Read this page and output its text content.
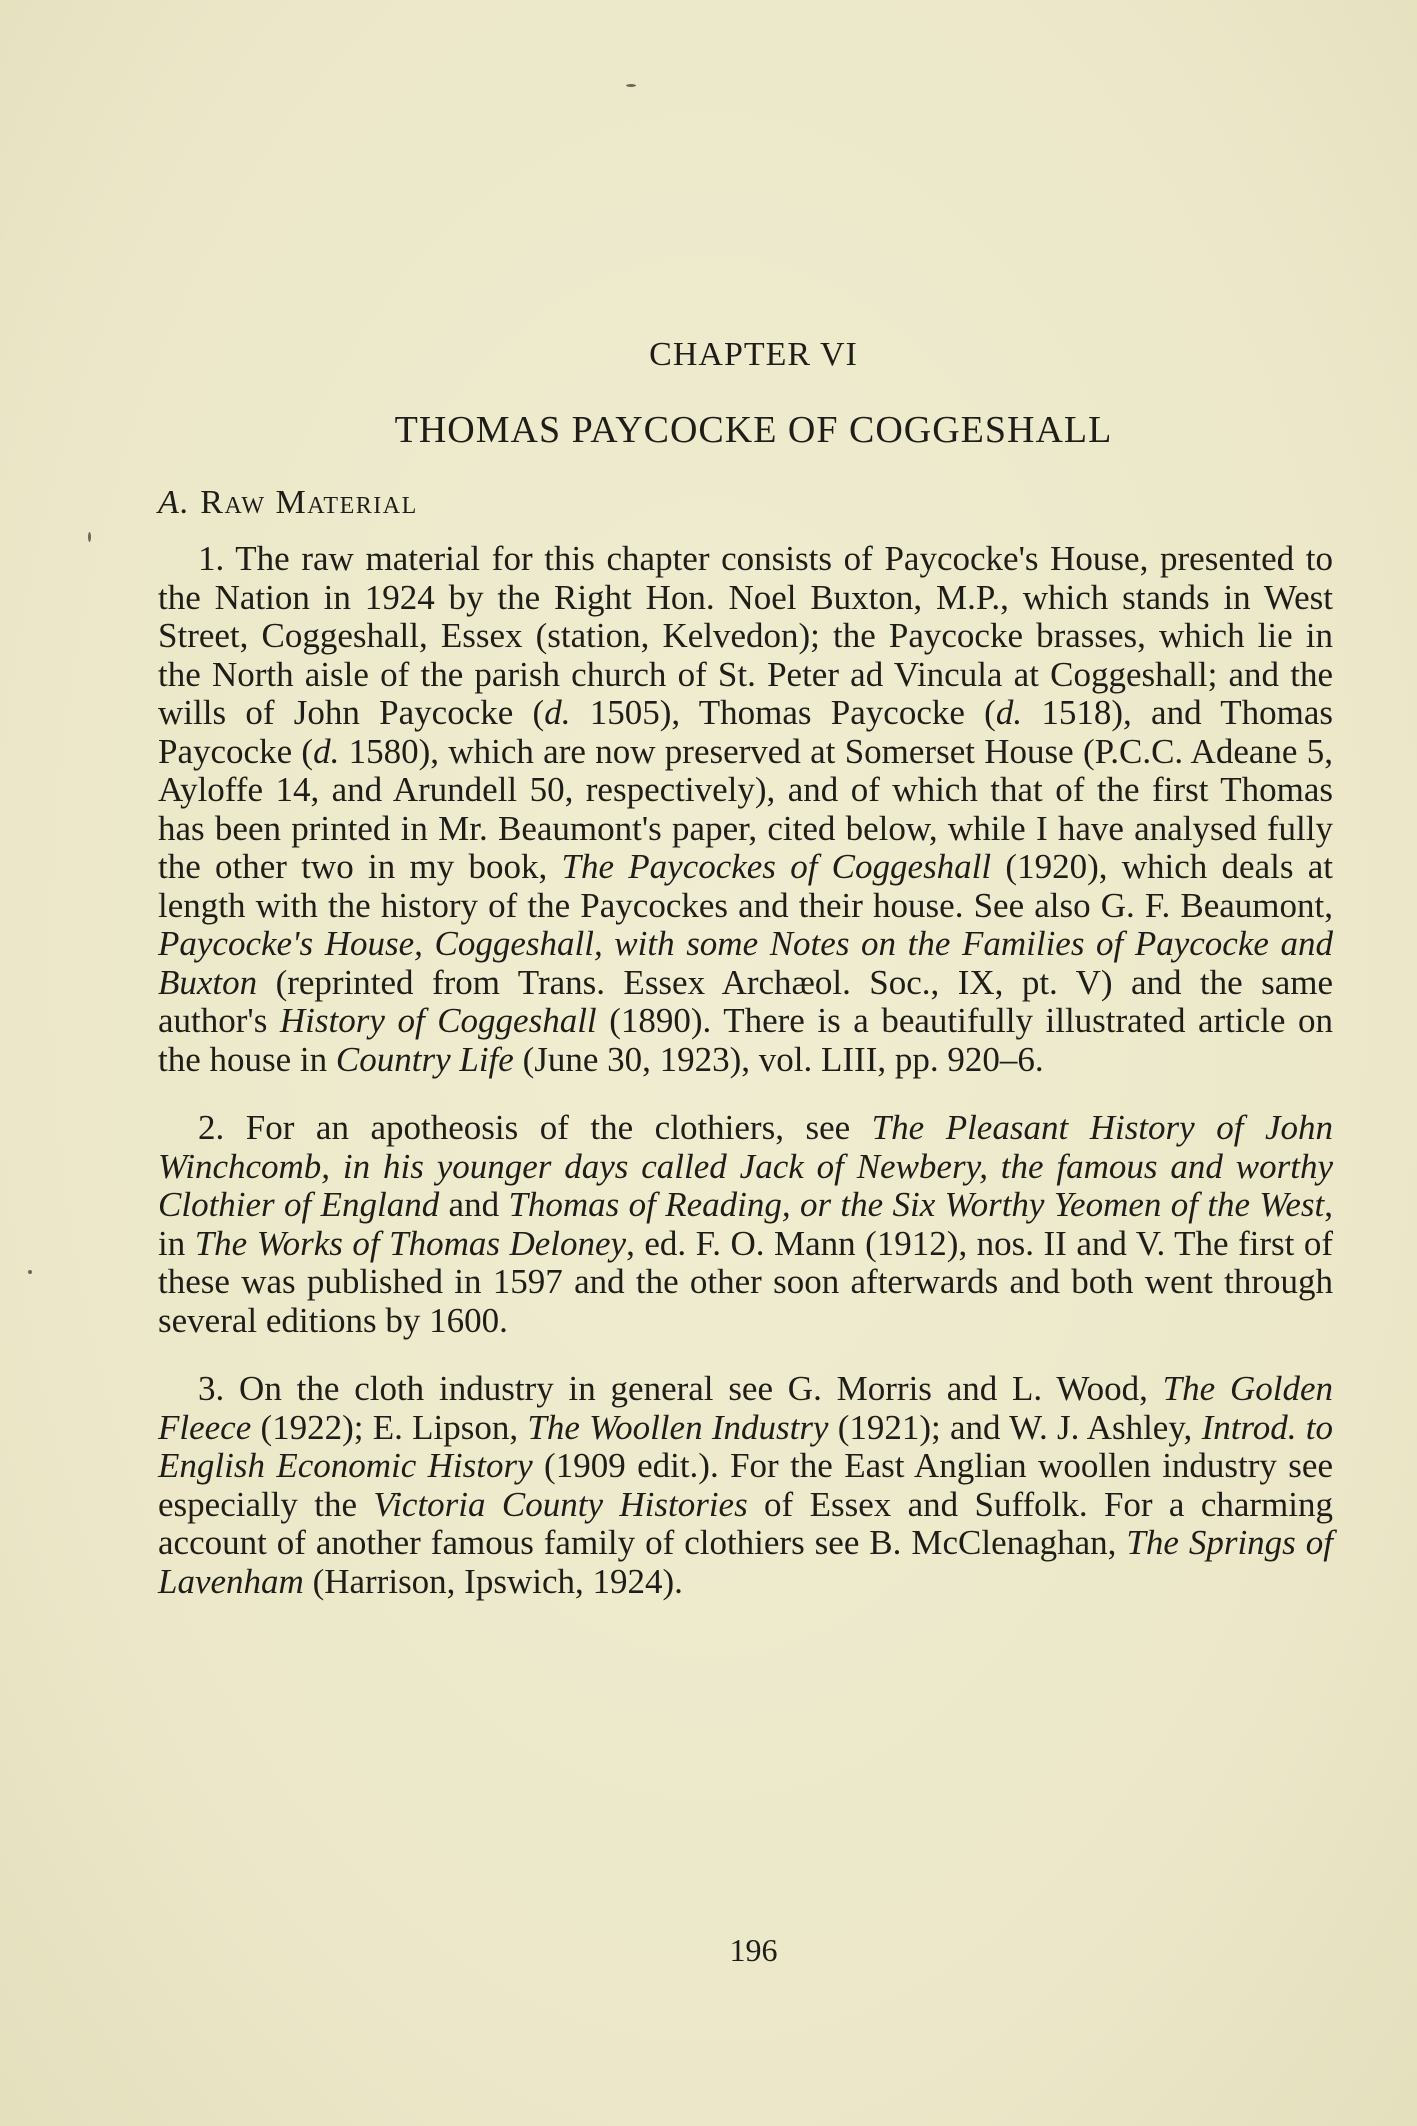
CHAPTER VI
THOMAS PAYCOCKE OF COGGESHALL
A. Raw Material

1. The raw material for this chapter consists of Paycocke's House, presented to the Nation in 1924 by the Right Hon. Noel Buxton, M.P., which stands in West Street, Coggeshall, Essex (station, Kelvedon); the Paycocke brasses, which lie in the North aisle of the parish church of St. Peter ad Vincula at Coggeshall; and the wills of John Paycocke (d. 1505), Thomas Paycocke (d. 1518), and Thomas Paycocke (d. 1580), which are now preserved at Somerset House (P.C.C. Adeane 5, Ayloffe 14, and Arundell 50, respectively), and of which that of the first Thomas has been printed in Mr. Beaumont's paper, cited below, while I have analysed fully the other two in my book, The Paycockes of Coggeshall (1920), which deals at length with the history of the Paycockes and their house. See also G. F. Beaumont, Paycocke's House, Coggeshall, with some Notes on the Families of Paycocke and Buxton (reprinted from Trans. Essex Archæol. Soc., IX, pt. V) and the same author's History of Coggeshall (1890). There is a beautifully illustrated article on the house in Country Life (June 30, 1923), vol. LIII, pp. 920–6.

2. For an apotheosis of the clothiers, see The Pleasant History of John Winchcomb, in his younger days called Jack of Newbery, the famous and worthy Clothier of England and Thomas of Reading, or the Six Worthy Yeomen of the West, in The Works of Thomas Deloney, ed. F. O. Mann (1912), nos. II and V. The first of these was published in 1597 and the other soon afterwards and both went through several editions by 1600.

3. On the cloth industry in general see G. Morris and L. Wood, The Golden Fleece (1922); E. Lipson, The Woollen Industry (1921); and W. J. Ashley, Introd. to English Economic History (1909 edit.). For the East Anglian woollen industry see especially the Victoria County Histories of Essex and Suffolk. For a charming account of another famous family of clothiers see B. McClenaghan, The Springs of Lavenham (Harrison, Ipswich, 1924).

196
